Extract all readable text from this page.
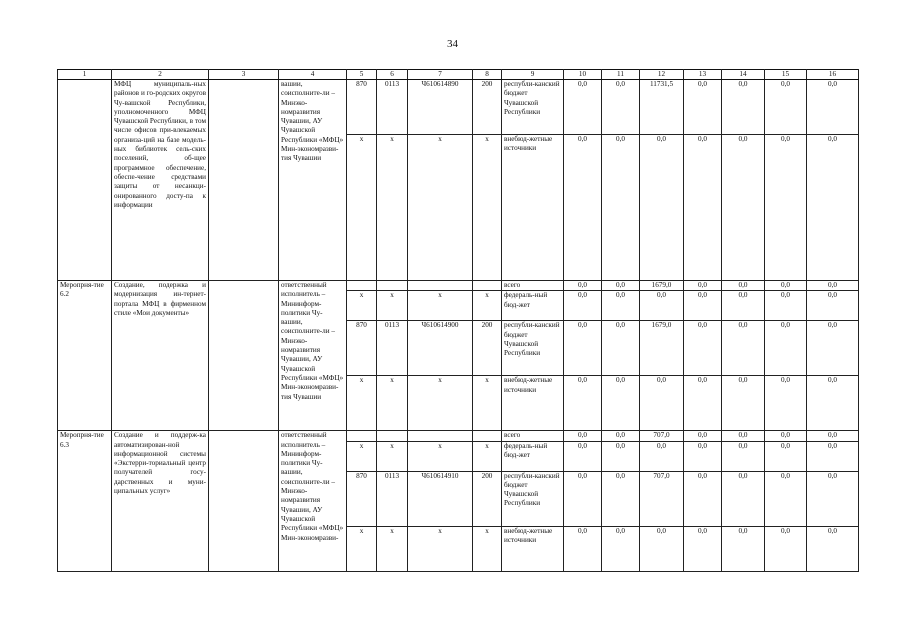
34
1	2	3	4	5	6	7	8	9	10	11	12	13	14	15	16
	МФЦ муниципаль-ных районов и го-родских округов Чу-вашской Республики, уполномоченного МФЦ Чувашской Республики, в том числе офисов при-влекаемых организа-ций на базе модель-ных библиотек сель-ских поселений, об-щее программное обеспечение, обеспе-чение средствами защиты от несанкци-онированного досту-па к информации		вашии, соисполните-ли – Минэко-номразвития Чувашии, АУ Чувашской Республики «МФЦ» Мин-экономразви-тия Чувашии	870	0113	Ч610614890	200	республи-канский бюджет Чувашской Республики	0,0	0,0	11731,5	0,0	0,0	0,0	0,0
				x	x	x	x	внебюд-жетные источники	0,0	0,0	0,0	0,0	0,0	0,0	0,0
Меропрня-тие 6.2	Создание, подержка и модернизация ин-тернет-портала МФЦ в фирменном стиле «Мои документы»		ответственный исполнитель – Мининформ-политики Чу-вашии, соисполните-ли – Минэко-номразвития Чувашии, АУ Чувашской Республики «МФЦ» Мин-экономразви-тия Чувашии					всего	0,0	0,0	1679,0	0,0	0,0	0,0	0,0
				x	x	x	x	федераль-ный бюд-жет	0,0	0,0	0,0	0,0	0,0	0,0	0,0
				870	0113	Ч610614900	200	республи-канский бюджет Чувашской Республики	0,0	0,0	1679,0	0,0	0,0	0,0	0,0
				x	x	x	x	внебюд-жетные источники	0,0	0,0	0,0	0,0	0,0	0,0	0,0
Меропрня-тие 6.3	Создание и поддерж-ка автоматизирован-ной информационной системы «Экстерри-ториальный центр получателей госу-дарственных и муни-ципальных услуг»		ответственный исполнитель – Мининформ-политики Чу-вашии, соисполните-ли – Минэко-номразвития Чувашии, АУ Чувашской Республики «МФЦ» Мин-экономразви-					всего	0,0	0,0	707,0	0,0	0,0	0,0	0,0
				x	x	x	x	федераль-ный бюд-жет	0,0	0,0	0,0	0,0	0,0	0,0	0,0
				870	0113	Ч610614910	200	республи-канский бюджет Чувашской Республики	0,0	0,0	707,0	0,0	0,0	0,0	0,0
				x	x	x	x	внебюд-жетные источники	0,0	0,0	0,0	0,0	0,0	0,0	0,0
